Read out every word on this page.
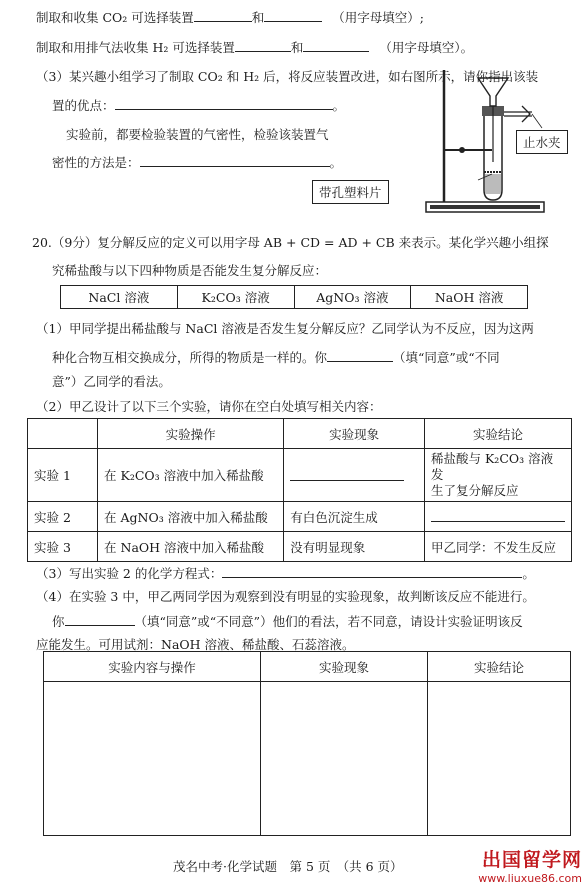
制取和收集 CO₂ 可选择装置	和	（用字母填空）;
制取和用排气法收集 H₂ 可选择装置	和	（用字母填空）。
（3）某兴趣小组学习了制取 CO₂ 和 H₂ 后，将反应装置改进，如右图所示，请你指出该装
置的优点：	。
实验前，都要检验装置的气密性，检验该装置气
密性的方法是：	。
止水夹
带孔塑料片
20.（9分）复分解反应的定义可以用字母 AB + CD = AD + CB 来表示。某化学兴趣小组探
究稀盐酸与以下四种物质是否能发生复分解反应：
NaCl 溶液	K₂CO₃ 溶液	AgNO₃ 溶液	NaOH 溶液
（1）甲同学提出稀盐酸与 NaCl 溶液是否发生复分解反应？乙同学认为不反应，因为这两
种化合物互相交换成分，所得的物质是一样的。你	（填“同意”或“不同
意”）乙同学的看法。
（2）甲乙设计了以下三个实验，请你在空白处填写相关内容：
	实验操作	实验现象	实验结论
实验 1	在 K₂CO₃ 溶液中加入稀盐酸		稀盐酸与 K₂CO₃ 溶液发
生了复分解反应

实验 2	在 AgNO₃ 溶液中加入稀盐酸	有白色沉淀生成	
实验 3	在 NaOH 溶液中加入稀盐酸	没有明显现象	甲乙同学：不发生反应
（3）写出实验 2 的化学方程式：	。
（4）在实验 3 中，甲乙两同学因为观察到没有明显的实验现象，故判断该反应不能进行。
你	（填“同意”或“不同意”）他们的看法，若不同意，请设计实验证明该反
应能发生。可用试剂：NaOH 溶液、稀盐酸、石蕊溶液。
实验内容与操作	实验现象	实验结论

茂名中考·化学试题　第 5 页　（共 6 页）	出国留学网
www.liuxue86.com
